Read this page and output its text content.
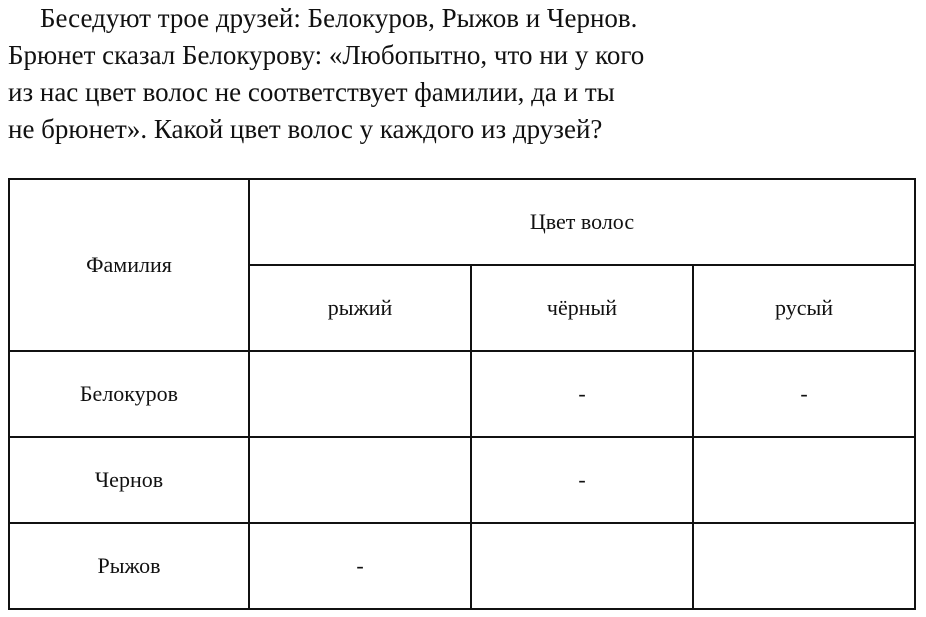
Беседуют трое друзей: Белокуров, Рыжов и Чернов.
Брюнет сказал Белокурову: «Любопытно, что ни у кого
из нас цвет волос не соответствует фамилии, да и ты
не брюнет». Какой цвет волос у каждого из друзей?
Фамилия	Цвет волос		
	рыжий	чёрный	русый
Белокуров		-	-
Чернов		-	
Рыжов	-		
